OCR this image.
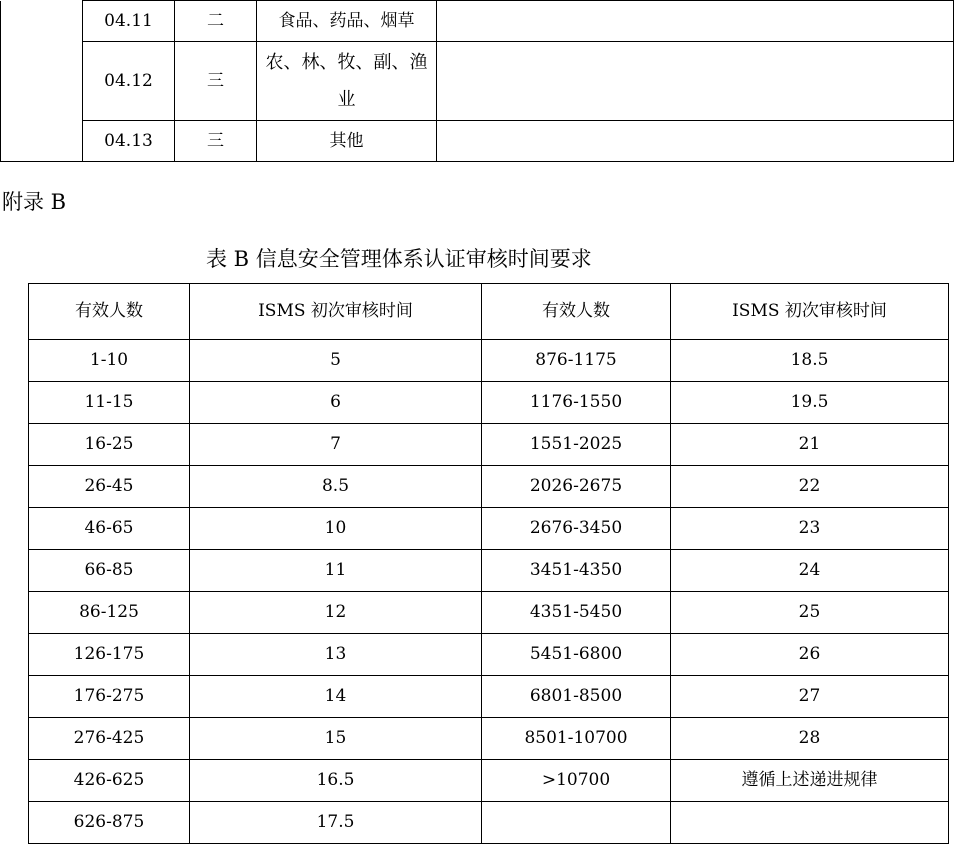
	04.11	二	食品、药品、烟草	
	04.12	三	农、林、牧、副、渔业	
	04.13	三	其他	
附录 B
表 B 信息安全管理体系认证审核时间要求
有效人数	ISMS 初次审核时间	有效人数	ISMS 初次审核时间
1-10	5	876-1175	18.5
11-15	6	1176-1550	19.5
16-25	7	1551-2025	21
26-45	8.5	2026-2675	22
46-65	10	2676-3450	23
66-85	11	3451-4350	24
86-125	12	4351-5450	25
126-175	13	5451-6800	26
176-275	14	6801-8500	27
276-425	15	8501-10700	28
426-625	16.5	>10700	遵循上述递进规律
626-875	17.5		
